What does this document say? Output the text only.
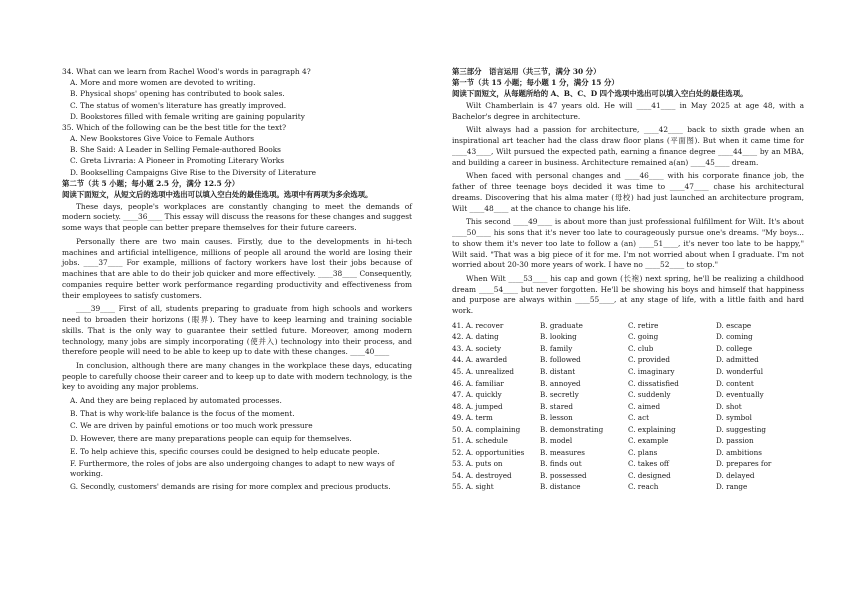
34. What can we learn from Rachel Wood's words in paragraph 4?

A. More and more women are devoted to writing.

B. Physical shops' opening has contributed to book sales.

C. The status of women's literature has greatly improved.

D. Bookstores filled with female writing are gaining popularity

35. Which of the following can be the best title for the text?

A. New Bookstores Give Voice to Female Authors

B. She Said: A Leader in Selling Female-authored Books

C. Greta Livraria: A Pioneer in Promoting Literary Works

D. Bookselling Campaigns Give Rise to the Diversity of Literature

第二节（共 5 小题；每小题 2.5 分，满分 12.5 分）

阅读下面短文，从短文后的选项中选出可以填入空白处的最佳选项。选项中有两项为多余选项。

These days, people's workplaces are constantly changing to meet the demands of modern society. ____36____ This essay will discuss the reasons for these changes and suggest some ways that people can better prepare themselves for their future careers.

Personally there are two main causes. Firstly, due to the developments in hi-tech machines and artificial intelligence, millions of people all around the world are losing their jobs. ____37____ For example, millions of factory workers have lost their jobs because of machines that are able to do their job quicker and more effectively. ____38____ Consequently, companies require better work performance regarding productivity and effectiveness from their employees to satisfy customers.

____39____ First of all, students preparing to graduate from high schools and workers need to broaden their horizons (眼界). They have to keep learning and training sociable skills. That is the only way to guarantee their settled future. Moreover, among modern technology, many jobs are simply incorporating (使并入) technology into their process, and therefore people will need to be able to keep up to date with these changes. ____40____

In conclusion, although there are many changes in the workplace these days, educating people to carefully choose their career and to keep up to date with modern technology, is the key to avoiding any major problems.

A. And they are being replaced by automated processes.

B. That is why work-life balance is the focus of the moment.

C. We are driven by painful emotions or too much work pressure

D. However, there are many preparations people can equip for themselves.

E. To help achieve this, specific courses could be designed to help educate people.

F. Furthermore, the roles of jobs are also undergoing changes to adapt to new ways of working.

G. Secondly, customers' demands are rising for more complex and precious products.

第三部分　语言运用（共三节，满分 30 分）

第一节（共 15 小题；每小题 1 分，满分 15 分）

阅读下面短文，从每题所给的 A、B、C、D 四个选项中选出可以填入空白处的最佳选项。

Wilt Chamberlain is 47 years old. He will ____41____ in May 2025 at age 48, with a Bachelor's degree in architecture.

Wilt always had a passion for architecture, ____42____ back to sixth grade when an inspirational art teacher had the class draw floor plans (平面图). But when it came time for ____43____, Wilt pursued the expected path, earning a finance degree ____44____ by an MBA, and building a career in business. Architecture remained a(an) ____45____ dream.

When faced with personal changes and ____46____ with his corporate finance job, the father of three teenage boys decided it was time to ____47____ chase his architectural dreams. Discovering that his alma mater (母校) had just launched an architecture program, Wilt ____48____ at the chance to change his life.

This second ____49____ is about more than just professional fulfillment for Wilt. It's about ____50____ his sons that it's never too late to courageously pursue one's dreams. "My boys... to show them it's never too late to follow a (an) ____51____, it's never too late to be happy," Wilt said. "That was a big piece of it for me. I'm not worried about when I graduate. I'm not worried about 20-30 more years of work. I have no ____52____ to stop."

When Wilt ____53____ his cap and gown (长袍) next spring, he'll be realizing a childhood dream ____54____ but never forgotten. He'll be showing his boys and himself that happiness and purpose are always within ____55____, at any stage of life, with a little faith and hard work.

41. A. recover	B. graduate	C. retire	D. escape
42. A. dating	B. looking	C. going	D. coming
43. A. society	B. family	C. club	D. college
44. A. awarded	B. followed	C. provided	D. admitted
45. A. unrealized	B. distant	C. imaginary	D. wonderful
46. A. familiar	B. annoyed	C. dissatisfied	D. content
47. A. quickly	B. secretly	C. suddenly	D. eventually
48. A. jumped	B. stared	C. aimed	D. shot
49. A. term	B. lesson	C. act	D. symbol
50. A. complaining	B. demonstrating	C. explaining	D. suggesting
51. A. schedule	B. model	C. example	D. passion
52. A. opportunities	B. measures	C. plans	D. ambitions
53. A. puts on	B. finds out	C. takes off	D. prepares for
54. A. destroyed	B. possessed	C. designed	D. delayed
55. A. sight	B. distance	C. reach	D. range
